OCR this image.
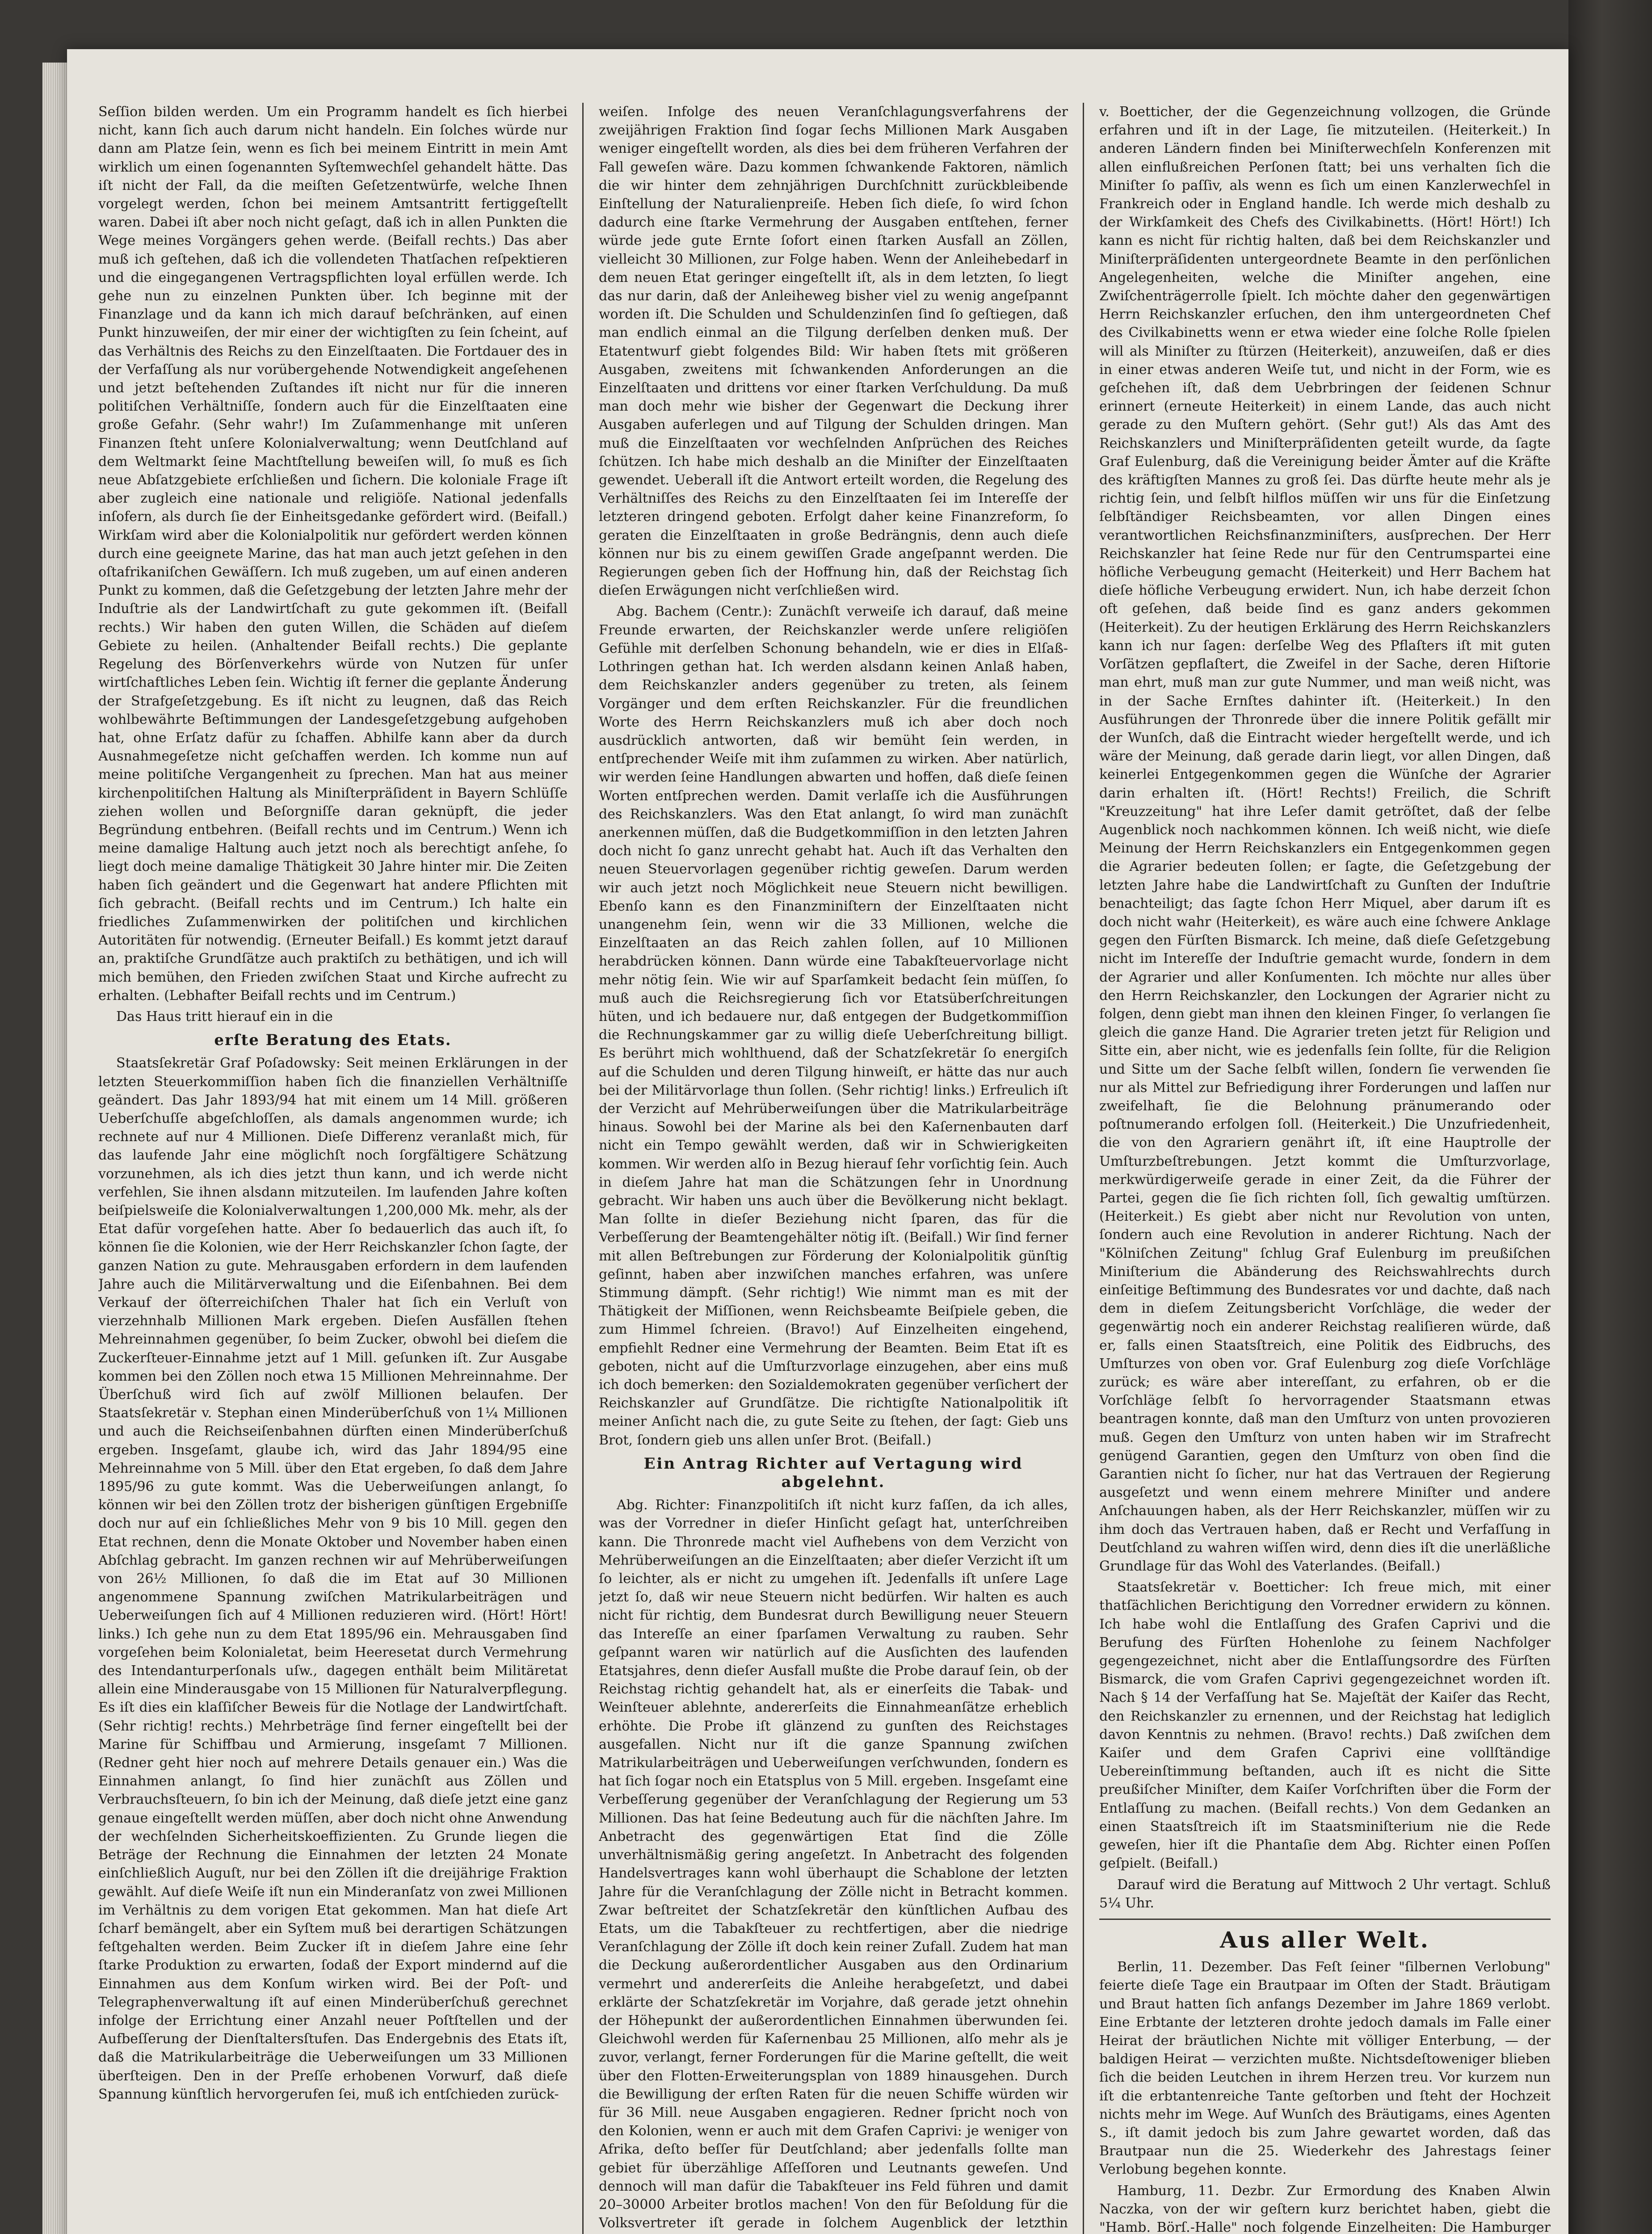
Seſſion bilden werden. Um ein Programm handelt es ſich hierbei nicht, kann ſich auch darum nicht handeln. Ein ſolches würde nur dann am Platze ſein, wenn es ſich bei meinem Eintritt in mein Amt wirklich um einen ſogenannten Syſtemwechſel gehandelt hätte. Das iſt nicht der Fall, da die meiſten Geſetzentwürfe, welche Ihnen vorgelegt werden, ſchon bei meinem Amtsantritt fertiggeſtellt waren. Dabei iſt aber noch nicht geſagt, daß ich in allen Punkten die Wege meines Vorgängers gehen werde. (Beifall rechts.) Das aber muß ich geſtehen, daß ich die vollendeten Thatſachen reſpektieren und die eingegangenen Vertragspflichten loyal erfüllen werde. Ich gehe nun zu einzelnen Punkten über. Ich beginne mit der Finanzlage und da kann ich mich darauf beſchränken, auf einen Punkt hinzuweiſen, der mir einer der wichtigſten zu ſein ſcheint, auf das Verhältnis des Reichs zu den Einzelſtaaten. Die Fortdauer des in der Verfaſſung als nur vorübergehende Notwendigkeit angeſehenen und jetzt beſtehenden Zuſtandes iſt nicht nur für die inneren politiſchen Verhältniſſe, ſondern auch für die Einzelſtaaten eine große Gefahr. (Sehr wahr!) Im Zuſammenhange mit unſeren Finanzen ſteht unſere Kolonialverwaltung; wenn Deutſchland auf dem Weltmarkt ſeine Machtſtellung beweiſen will, ſo muß es ſich neue Abſatzgebiete erſchließen und ſichern. Die koloniale Frage iſt aber zugleich eine nationale und religiöſe. National jedenfalls inſofern, als durch ſie der Einheitsgedanke gefördert wird. (Beifall.) Wirkſam wird aber die Kolonialpolitik nur gefördert werden können durch eine geeignete Marine, das hat man auch jetzt geſehen in den oſtafrikaniſchen Gewäſſern. Ich muß zugeben, um auf einen anderen Punkt zu kommen, daß die Geſetzgebung der letzten Jahre mehr der Induſtrie als der Landwirtſchaft zu gute gekommen iſt. (Beifall rechts.) Wir haben den guten Willen, die Schäden auf dieſem Gebiete zu heilen. (Anhaltender Beifall rechts.) Die geplante Regelung des Börſenverkehrs würde von Nutzen für unſer wirtſchaftliches Leben ſein. Wichtig iſt ferner die geplante Änderung der Strafgeſetzgebung. Es iſt nicht zu leugnen, daß das Reich wohlbewährte Beſtimmungen der Landesgeſetzgebung aufgehoben hat, ohne Erſatz dafür zu ſchaffen. Abhilfe kann aber da durch Ausnahmegeſetze nicht geſchaffen werden. Ich komme nun auf meine politiſche Vergangenheit zu ſprechen. Man hat aus meiner kirchenpolitiſchen Haltung als Miniſterpräſident in Bayern Schlüſſe ziehen wollen und Beſorgniſſe daran geknüpft, die jeder Begründung entbehren. (Beifall rechts und im Centrum.) Wenn ich meine damalige Haltung auch jetzt noch als berechtigt anſehe, ſo liegt doch meine damalige Thätigkeit 30 Jahre hinter mir. Die Zeiten haben ſich geändert und die Gegenwart hat andere Pflichten mit ſich gebracht. (Beifall rechts und im Centrum.) Ich halte ein friedliches Zuſammenwirken der politiſchen und kirchlichen Autoritäten für notwendig. (Erneuter Beifall.) Es kommt jetzt darauf an, praktiſche Grundſätze auch praktiſch zu bethätigen, und ich will mich bemühen, den Frieden zwiſchen Staat und Kirche aufrecht zu erhalten. (Lebhafter Beifall rechts und im Centrum.)

Das Haus tritt hierauf ein in die

erſte Beratung des Etats.

Staatsſekretär Graf Poſadowsky: Seit meinen Erklärungen in der letzten Steuerkommiſſion haben ſich die finanziellen Verhältniſſe geändert. Das Jahr 1893/94 hat mit einem um 14 Mill. größeren Ueberſchuſſe abgeſchloſſen, als damals angenommen wurde; ich rechnete auf nur 4 Millionen. Dieſe Differenz veranlaßt mich, für das laufende Jahr eine möglichſt noch ſorgfältigere Schätzung vorzunehmen, als ich dies jetzt thun kann, und ich werde nicht verfehlen, Sie ihnen alsdann mitzuteilen. Im laufenden Jahre koſten beiſpielsweiſe die Kolonialverwaltungen 1,200,000 Mk. mehr, als der Etat dafür vorgeſehen hatte. Aber ſo bedauerlich das auch iſt, ſo können ſie die Kolonien, wie der Herr Reichskanzler ſchon ſagte, der ganzen Nation zu gute. Mehrausgaben erfordern in dem laufenden Jahre auch die Militärverwaltung und die Eiſenbahnen. Bei dem Verkauf der öſterreichiſchen Thaler hat ſich ein Verluſt von vierzehnhalb Millionen Mark ergeben. Dieſen Ausfällen ſtehen Mehreinnahmen gegenüber, ſo beim Zucker, obwohl bei dieſem die Zuckerſteuer-Einnahme jetzt auf 1 Mill. geſunken iſt. Zur Ausgabe kommen bei den Zöllen noch etwa 15 Millionen Mehreinnahme. Der Überſchuß wird ſich auf zwölf Millionen belaufen. Der Staatsſekretär v. Stephan einen Minderüberſchuß von 1¼ Millionen und auch die Reichseiſenbahnen dürften einen Minderüberſchuß ergeben. Insgeſamt, glaube ich, wird das Jahr 1894/95 eine Mehreinnahme von 5 Mill. über den Etat ergeben, ſo daß dem Jahre 1895/96 zu gute kommt. Was die Ueberweiſungen anlangt, ſo können wir bei den Zöllen trotz der bisherigen günſtigen Ergebniſſe doch nur auf ein ſchließliches Mehr von 9 bis 10 Mill. gegen den Etat rechnen, denn die Monate Oktober und November haben einen Abſchlag gebracht. Im ganzen rechnen wir auf Mehrüberweiſungen von 26½ Millionen, ſo daß die im Etat auf 30 Millionen angenommene Spannung zwiſchen Matrikularbeiträgen und Ueberweiſungen ſich auf 4 Millionen reduzieren wird. (Hört! Hört! links.) Ich gehe nun zu dem Etat 1895/96 ein. Mehrausgaben ſind vorgeſehen beim Kolonialetat, beim Heeresetat durch Vermehrung des Intendanturperſonals uſw., dagegen enthält beim Militäretat allein eine Minderausgabe von 15 Millionen für Naturalverpflegung. Es iſt dies ein klaſſiſcher Beweis für die Notlage der Landwirtſchaft. (Sehr richtig! rechts.) Mehrbeträge ſind ferner eingeſtellt bei der Marine für Schiffbau und Armierung, insgeſamt 7 Millionen. (Redner geht hier noch auf mehrere Details genauer ein.) Was die Einnahmen anlangt, ſo ſind hier zunächſt aus Zöllen und Verbrauchsſteuern, ſo bin ich der Meinung, daß dieſe jetzt eine ganz genaue eingeſtellt werden müſſen, aber doch nicht ohne Anwendung der wechſelnden Sicherheitskoeffizienten. Zu Grunde liegen die Beträge der Rechnung die Einnahmen der letzten 24 Monate einſchließlich Auguſt, nur bei den Zöllen iſt die dreijährige Fraktion gewählt. Auf dieſe Weiſe iſt nun ein Minderanſatz von zwei Millionen im Verhältnis zu dem vorigen Etat gekommen. Man hat dieſe Art ſcharf bemängelt, aber ein Syſtem muß bei derartigen Schätzungen feſtgehalten werden. Beim Zucker iſt in dieſem Jahre eine ſehr ſtarke Produktion zu erwarten, ſodaß der Export mindernd auf die Einnahmen aus dem Konſum wirken wird. Bei der Poſt- und Telegraphenverwaltung iſt auf einen Minderüberſchuß gerechnet infolge der Errichtung einer Anzahl neuer Poſtſtellen und der Aufbeſſerung der Dienſtaltersſtufen. Das Endergebnis des Etats iſt, daß die Matrikularbeiträge die Ueberweiſungen um 33 Millionen überſteigen. Den in der Preſſe erhobenen Vorwurf, daß dieſe Spannung künſtlich hervorgerufen ſei, muß ich entſchieden zurück-

weiſen. Infolge des neuen Veranſchlagungsverfahrens der zweijährigen Fraktion ſind ſogar ſechs Millionen Mark Ausgaben weniger eingeſtellt worden, als dies bei dem früheren Verfahren der Fall geweſen wäre. Dazu kommen ſchwankende Faktoren, nämlich die wir hinter dem zehnjährigen Durchſchnitt zurückbleibende Einſtellung der Naturalienpreiſe. Heben ſich dieſe, ſo wird ſchon dadurch eine ſtarke Vermehrung der Ausgaben entſtehen, ferner würde jede gute Ernte ſofort einen ſtarken Ausfall an Zöllen, vielleicht 30 Millionen, zur Folge haben. Wenn der Anleihebedarf in dem neuen Etat geringer eingeſtellt iſt, als in dem letzten, ſo liegt das nur darin, daß der Anleiheweg bisher viel zu wenig angeſpannt worden iſt. Die Schulden und Schuldenzinſen ſind ſo geſtiegen, daß man endlich einmal an die Tilgung derſelben denken muß. Der Etatentwurf giebt folgendes Bild: Wir haben ſtets mit größeren Ausgaben, zweitens mit ſchwankenden Anforderungen an die Einzelſtaaten und drittens vor einer ſtarken Verſchuldung. Da muß man doch mehr wie bisher der Gegenwart die Deckung ihrer Ausgaben auferlegen und auf Tilgung der Schulden dringen. Man muß die Einzelſtaaten vor wechſelnden Anſprüchen des Reiches ſchützen. Ich habe mich deshalb an die Miniſter der Einzelſtaaten gewendet. Ueberall iſt die Antwort erteilt worden, die Regelung des Verhältniſſes des Reichs zu den Einzelſtaaten ſei im Intereſſe der letzteren dringend geboten. Erfolgt daher keine Finanzreform, ſo geraten die Einzelſtaaten in große Bedrängnis, denn auch dieſe können nur bis zu einem gewiſſen Grade angeſpannt werden. Die Regierungen geben ſich der Hoffnung hin, daß der Reichstag ſich dieſen Erwägungen nicht verſchließen wird.

Abg. Bachem (Centr.): Zunächſt verweiſe ich darauf, daß meine Freunde erwarten, der Reichskanzler werde unſere religiöſen Gefühle mit derſelben Schonung behandeln, wie er dies in Elſaß-Lothringen gethan hat. Ich werden alsdann keinen Anlaß haben, dem Reichskanzler anders gegenüber zu treten, als ſeinem Vorgänger und dem erſten Reichskanzler. Für die freundlichen Worte des Herrn Reichskanzlers muß ich aber doch noch ausdrücklich antworten, daß wir bemüht ſein werden, in entſprechender Weiſe mit ihm zuſammen zu wirken. Aber natürlich, wir werden ſeine Handlungen abwarten und hoffen, daß dieſe ſeinen Worten entſprechen werden. Damit verlaſſe ich die Ausführungen des Reichskanzlers. Was den Etat anlangt, ſo wird man zunächſt anerkennen müſſen, daß die Budgetkommiſſion in den letzten Jahren doch nicht ſo ganz unrecht gehabt hat. Auch iſt das Verhalten den neuen Steuervorlagen gegenüber richtig geweſen. Darum werden wir auch jetzt noch Möglichkeit neue Steuern nicht bewilligen. Ebenſo kann es den Finanzminiſtern der Einzelſtaaten nicht unangenehm ſein, wenn wir die 33 Millionen, welche die Einzelſtaaten an das Reich zahlen ſollen, auf 10 Millionen herabdrücken können. Dann würde eine Tabakſteuervorlage nicht mehr nötig ſein. Wie wir auf Sparſamkeit bedacht ſein müſſen, ſo muß auch die Reichsregierung ſich vor Etatsüberſchreitungen hüten, und ich bedauere nur, daß entgegen der Budgetkommiſſion die Rechnungskammer gar zu willig dieſe Ueberſchreitung billigt. Es berührt mich wohlthuend, daß der Schatzſekretär ſo energiſch auf die Schulden und deren Tilgung hinweiſt, er hätte das nur auch bei der Militärvorlage thun ſollen. (Sehr richtig! links.) Erfreulich iſt der Verzicht auf Mehrüberweiſungen über die Matrikularbeiträge hinaus. Sowohl bei der Marine als bei den Kaſernenbauten darf nicht ein Tempo gewählt werden, daß wir in Schwierigkeiten kommen. Wir werden alſo in Bezug hierauf ſehr vorſichtig ſein. Auch in dieſem Jahre hat man die Schätzungen ſehr in Unordnung gebracht. Wir haben uns auch über die Bevölkerung nicht beklagt. Man ſollte in dieſer Beziehung nicht ſparen, das für die Verbeſſerung der Beamtengehälter nötig iſt. (Beifall.) Wir ſind ferner mit allen Beſtrebungen zur Förderung der Kolonialpolitik günſtig geſinnt, haben aber inzwiſchen manches erfahren, was unſere Stimmung dämpft. (Sehr richtig!) Wie nimmt man es mit der Thätigkeit der Miſſionen, wenn Reichsbeamte Beiſpiele geben, die zum Himmel ſchreien. (Bravo!) Auf Einzelheiten eingehend, empfiehlt Redner eine Vermehrung der Beamten. Beim Etat iſt es geboten, nicht auf die Umſturzvorlage einzugehen, aber eins muß ich doch bemerken: den Sozialdemokraten gegenüber verſichert der Reichskanzler auf Grundſätze. Die richtigſte Nationalpolitik iſt meiner Anſicht nach die, zu gute Seite zu ſtehen, der ſagt: Gieb uns Brot, ſondern gieb uns allen unſer Brot. (Beifall.)

Ein Antrag Richter auf Vertagung wird abgelehnt.

Abg. Richter: Finanzpolitiſch iſt nicht kurz faſſen, da ich alles, was der Vorredner in dieſer Hinſicht geſagt hat, unterſchreiben kann. Die Thronrede macht viel Aufhebens von dem Verzicht von Mehrüberweiſungen an die Einzelſtaaten; aber dieſer Verzicht iſt um ſo leichter, als er nicht zu umgehen iſt. Jedenfalls iſt unſere Lage jetzt ſo, daß wir neue Steuern nicht bedürfen. Wir halten es auch nicht für richtig, dem Bundesrat durch Bewilligung neuer Steuern das Intereſſe an einer ſparſamen Verwaltung zu rauben. Sehr geſpannt waren wir natürlich auf die Ausſichten des laufenden Etatsjahres, denn dieſer Ausfall mußte die Probe darauf ſein, ob der Reichstag richtig gehandelt hat, als er einerſeits die Tabak- und Weinſteuer ablehnte, andererſeits die Einnahmeanſätze erheblich erhöhte. Die Probe iſt glänzend zu gunſten des Reichstages ausgefallen. Nicht nur iſt die ganze Spannung zwiſchen Matrikularbeiträgen und Ueberweiſungen verſchwunden, ſondern es hat ſich ſogar noch ein Etatsplus von 5 Mill. ergeben. Insgeſamt eine Verbeſſerung gegenüber der Veranſchlagung der Regierung um 53 Millionen. Das hat ſeine Bedeutung auch für die nächſten Jahre. Im Anbetracht des gegenwärtigen Etat ſind die Zölle unverhältnismäßig gering angeſetzt. In Anbetracht des folgenden Handelsvertrages kann wohl überhaupt die Schablone der letzten Jahre für die Veranſchlagung der Zölle nicht in Betracht kommen. Zwar beſtreitet der Schatzſekretär den künſtlichen Aufbau des Etats, um die Tabakſteuer zu rechtfertigen, aber die niedrige Veranſchlagung der Zölle iſt doch kein reiner Zufall. Zudem hat man die Deckung außerordentlicher Ausgaben aus den Ordinarium vermehrt und andererſeits die Anleihe herabgeſetzt, und dabei erklärte der Schatzſekretär im Vorjahre, daß gerade jetzt ohnehin der Höhepunkt der außerordentlichen Einnahmen überwunden ſei. Gleichwohl werden für Kaſernenbau 25 Millionen, alſo mehr als je zuvor, verlangt, ferner Forderungen für die Marine geſtellt, die weit über den Flotten-Erweiterungsplan von 1889 hinausgehen. Durch die Bewilligung der erſten Raten für die neuen Schiffe würden wir für 36 Mill. neue Ausgaben engagieren. Redner ſpricht noch von den Kolonien, wenn er auch mit dem Grafen Caprivi: je weniger von Afrika, deſto beſſer für Deutſchland; aber jedenfalls ſollte man gebiet für überzählige Aſſeſſoren und Leutnants geweſen. Und dennoch will man dafür die Tabakſteuer ins Feld führen und damit 20–30000 Arbeiter brotlos machen! Von den für Beſoldung für die Volksvertreter iſt gerade in ſolchem Augenblick der letzthin

v. Boetticher, der die Gegenzeichnung vollzogen, die Gründe erfahren und iſt in der Lage, ſie mitzuteilen. (Heiterkeit.) In anderen Ländern finden bei Miniſterwechſeln Konferenzen mit allen einflußreichen Perſonen ſtatt; bei uns verhalten ſich die Miniſter ſo paſſiv, als wenn es ſich um einen Kanzlerwechſel in Frankreich oder in England handle. Ich werde mich deshalb zu der Wirkſamkeit des Chefs des Civilkabinetts. (Hört! Hört!) Ich kann es nicht für richtig halten, daß bei dem Reichskanzler und Miniſterpräſidenten untergeordnete Beamte in den perſönlichen Angelegenheiten, welche die Miniſter angehen, eine Zwiſchenträgerrolle ſpielt. Ich möchte daher den gegenwärtigen Herrn Reichskanzler erſuchen, den ihm untergeordneten Chef des Civilkabinetts wenn er etwa wieder eine ſolche Rolle ſpielen will als Miniſter zu ſtürzen (Heiterkeit), anzuweiſen, daß er dies in einer etwas anderen Weiſe tut, und nicht in der Form, wie es geſchehen iſt, daß dem Uebrbringen der ſeidenen Schnur erinnert (erneute Heiterkeit) in einem Lande, das auch nicht gerade zu den Muſtern gehört. (Sehr gut!) Als das Amt des Reichskanzlers und Miniſterpräſidenten geteilt wurde, da ſagte Graf Eulenburg, daß die Vereinigung beider Ämter auf die Kräfte des kräftigſten Mannes zu groß ſei. Das dürfte heute mehr als je richtig ſein, und ſelbſt hilflos müſſen wir uns für die Einſetzung ſelbſtändiger Reichsbeamten, vor allen Dingen eines verantwortlichen Reichsfinanzminiſters, ausſprechen. Der Herr Reichskanzler hat ſeine Rede nur für den Centrumspartei eine höfliche Verbeugung gemacht (Heiterkeit) und Herr Bachem hat dieſe höfliche Verbeugung erwidert. Nun, ich habe derzeit ſchon oft geſehen, daß beide ſind es ganz anders gekommen (Heiterkeit). Zu der heutigen Erklärung des Herrn Reichskanzlers kann ich nur ſagen: derſelbe Weg des Pflaſters iſt mit guten Vorſätzen gepflaſtert, die Zweifel in der Sache, deren Hiſtorie man ehrt, muß man zur gute Nummer, und man weiß nicht, was in der Sache Ernſtes dahinter iſt. (Heiterkeit.) In den Ausführungen der Thronrede über die innere Politik gefällt mir der Wunſch, daß die Eintracht wieder hergeſtellt werde, und ich wäre der Meinung, daß gerade darin liegt, vor allen Dingen, daß keinerlei Entgegenkommen gegen die Wünſche der Agrarier darin erhalten iſt. (Hört! Rechts!) Freilich, die Schrift "Kreuzzeitung" hat ihre Leſer damit getröſtet, daß der ſelbe Augenblick noch nachkommen können. Ich weiß nicht, wie dieſe Meinung der Herrn Reichskanzlers ein Entgegenkommen gegen die Agrarier bedeuten ſollen; er ſagte, die Geſetzgebung der letzten Jahre habe die Landwirtſchaft zu Gunſten der Induſtrie benachteiligt; das ſagte ſchon Herr Miquel, aber darum iſt es doch nicht wahr (Heiterkeit), es wäre auch eine ſchwere Anklage gegen den Fürſten Bismarck. Ich meine, daß dieſe Geſetzgebung nicht im Intereſſe der Induſtrie gemacht wurde, ſondern in dem der Agrarier und aller Konſumenten. Ich möchte nur alles über den Herrn Reichskanzler, den Lockungen der Agrarier nicht zu folgen, denn giebt man ihnen den kleinen Finger, ſo verlangen ſie gleich die ganze Hand. Die Agrarier treten jetzt für Religion und Sitte ein, aber nicht, wie es jedenfalls ſein ſollte, für die Religion und Sitte um der Sache ſelbſt willen, ſondern ſie verwenden ſie nur als Mittel zur Befriedigung ihrer Forderungen und laſſen nur zweifelhaft, ſie die Belohnung pränumerando oder poſtnumerando erfolgen ſoll. (Heiterkeit.) Die Unzufriedenheit, die von den Agrariern genährt iſt, iſt eine Hauptrolle der Umſturzbeſtrebungen. Jetzt kommt die Umſturzvorlage, merkwürdigerweiſe gerade in einer Zeit, da die Führer der Partei, gegen die ſie ſich richten ſoll, ſich gewaltig umſtürzen. (Heiterkeit.) Es giebt aber nicht nur Revolution von unten, ſondern auch eine Revolution in anderer Richtung. Nach der "Kölniſchen Zeitung" ſchlug Graf Eulenburg im preußiſchen Miniſterium die Abänderung des Reichswahlrechts durch einſeitige Beſtimmung des Bundesrates vor und dachte, daß nach dem in dieſem Zeitungsbericht Vorſchläge, die weder der gegenwärtig noch ein anderer Reichstag realiſieren würde, daß er, falls einen Staatsſtreich, eine Politik des Eidbruchs, des Umſturzes von oben vor. Graf Eulenburg zog dieſe Vorſchläge zurück; es wäre aber intereſſant, zu erfahren, ob er die Vorſchläge ſelbſt ſo hervorragender Staatsmann etwas beantragen konnte, daß man den Umſturz von unten provozieren muß. Gegen den Umſturz von unten haben wir im Strafrecht genügend Garantien, gegen den Umſturz von oben ſind die Garantien nicht ſo ſicher, nur hat das Vertrauen der Regierung ausgeſetzt und wenn einem mehrere Miniſter und andere Anſchauungen haben, als der Herr Reichskanzler, müſſen wir zu ihm doch das Vertrauen haben, daß er Recht und Verfaſſung in Deutſchland zu wahren wiſſen wird, denn dies iſt die unerläßliche Grundlage für das Wohl des Vaterlandes. (Beifall.)

Staatsſekretär v. Boetticher: Ich freue mich, mit einer thatſächlichen Berichtigung den Vorredner erwidern zu können. Ich habe wohl die Entlaſſung des Grafen Caprivi und die Berufung des Fürſten Hohenlohe zu ſeinem Nachfolger gegengezeichnet, nicht aber die Entlaſſungsordre des Fürſten Bismarck, die vom Grafen Caprivi gegengezeichnet worden iſt. Nach § 14 der Verfaſſung hat Se. Majeſtät der Kaiſer das Recht, den Reichskanzler zu ernennen, und der Reichstag hat lediglich davon Kenntnis zu nehmen. (Bravo! rechts.) Daß zwiſchen dem Kaiſer und dem Grafen Caprivi eine vollſtändige Uebereinſtimmung beſtanden, auch iſt es nicht die Sitte preußiſcher Miniſter, dem Kaiſer Vorſchriften über die Form der Entlaſſung zu machen. (Beifall rechts.) Von dem Gedanken an einen Staatsſtreich iſt im Staatsminiſterium nie die Rede geweſen, hier iſt die Phantaſie dem Abg. Richter einen Poſſen geſpielt. (Beifall.)

Darauf wird die Beratung auf Mittwoch 2 Uhr vertagt. Schluß 5¼ Uhr.

Aus aller Welt.

Berlin, 11. Dezember. Das Feſt ſeiner "ſilbernen Verlobung" feierte dieſe Tage ein Brautpaar im Oſten der Stadt. Bräutigam und Braut hatten ſich anfangs Dezember im Jahre 1869 verlobt. Eine Erbtante der letzteren drohte jedoch damals im Falle einer Heirat der bräutlichen Nichte mit völliger Enterbung, — der baldigen Heirat — verzichten mußte. Nichtsdeſtoweniger blieben ſich die beiden Leutchen in ihrem Herzen treu. Vor kurzem nun iſt die erbtantenreiche Tante geſtorben und ſteht der Hochzeit nichts mehr im Wege. Auf Wunſch des Bräutigams, eines Agenten S., iſt damit jedoch bis zum Jahre gewartet worden, daß das Brautpaar nun die 25. Wiederkehr des Jahrestags ſeiner Verlobung begehen konnte.

Hamburg, 11. Dezbr. Zur Ermordung des Knaben Alwin Naczka, von der wir geſtern kurz berichtet haben, giebt die "Hamb. Börſ.-Halle" noch folgende Einzelheiten: Die Hamburger
